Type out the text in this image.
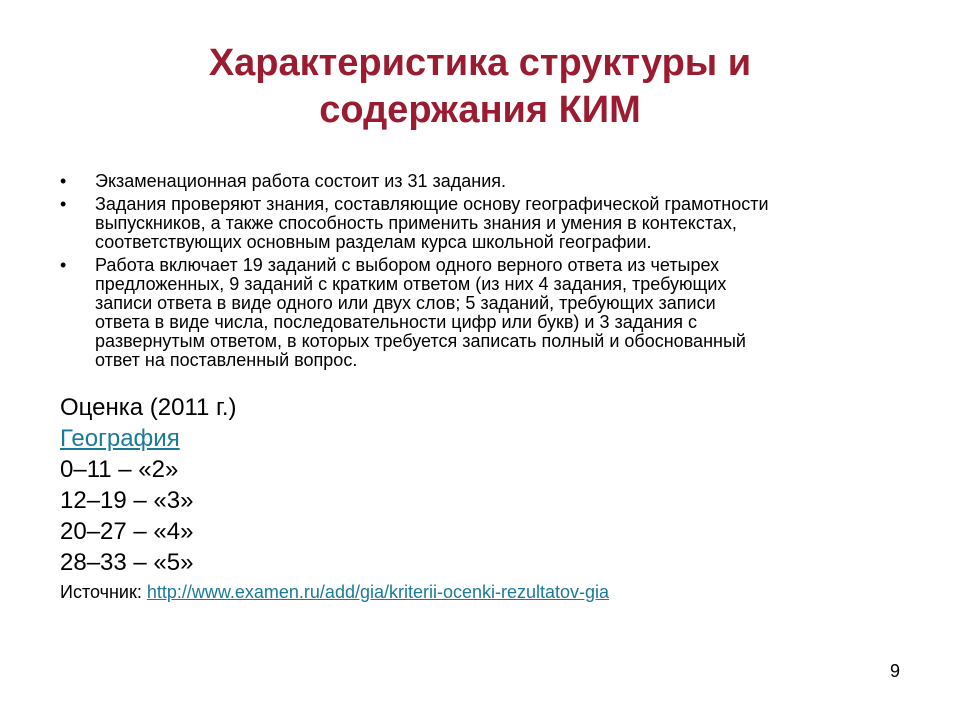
Характеристика структуры и
содержания КИМ
•	Экзаменационная работа состоит из 31 задания.
•	Задания проверяют знания, составляющие основу географической грамотности
выпускников, а также способность применить знания и умения в контекстах,
соответствующих основным разделам курса школьной географии.
•	Работа включает 19 заданий с выбором одного верного ответа из четырех
предложенных, 9 заданий с кратким ответом (из них 4 задания, требующих
записи ответа в виде одного или двух слов; 5 заданий, требующих записи
ответа в виде числа, последовательности цифр или букв) и 3 задания с
развернутым ответом, в которых требуется записать полный и обоснованный
ответ на поставленный вопрос.
Оценка (2011 г.)
География
0–11 – «2»
12–19 – «3»
20–27 – «4»
28–33 – «5»
Источник: http://www.examen.ru/add/gia/kriterii-ocenki-rezultatov-gia
9
